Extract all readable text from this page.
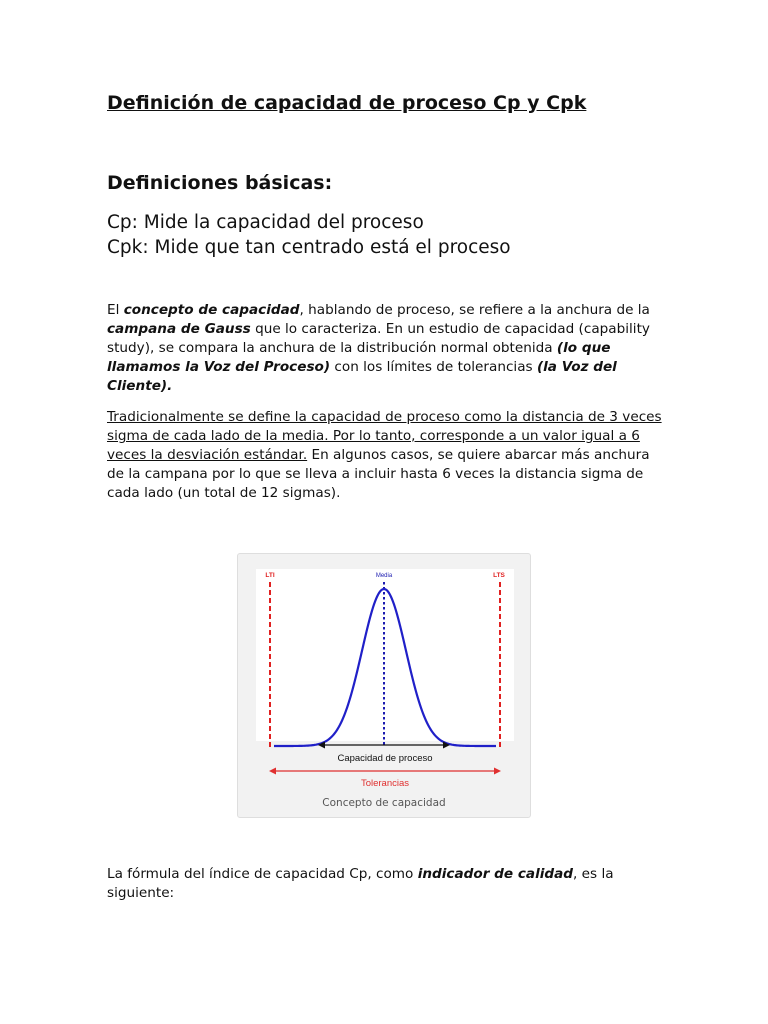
Definición de capacidad de proceso Cp y Cpk
Definiciones básicas:

Cp: Mide la capacidad del proceso

Cpk: Mide que tan centrado está el proceso

El concepto de capacidad, hablando de proceso, se refiere a la anchura de la campana de Gauss que lo caracteriza. En un estudio de capacidad (capability study), se compara la anchura de la distribución normal obtenida (lo que llamamos la Voz del Proceso) con los límites de tolerancias (la Voz del Cliente).

Tradicionalmente se define la capacidad de proceso como la distancia de 3 veces sigma de cada lado de la media. Por lo tanto, corresponde a un valor igual a 6 veces la desviación estándar. En algunos casos, se quiere abarcar más anchura de la campana por lo que se lleva a incluir hasta 6 veces la distancia sigma de cada lado (un total de 12 sigmas).

LTI	Media	LTS
Capacidad de proceso
Tolerancias
Concepto de capacidad

La fórmula del índice de capacidad Cp, como indicador de calidad, es la siguiente:
